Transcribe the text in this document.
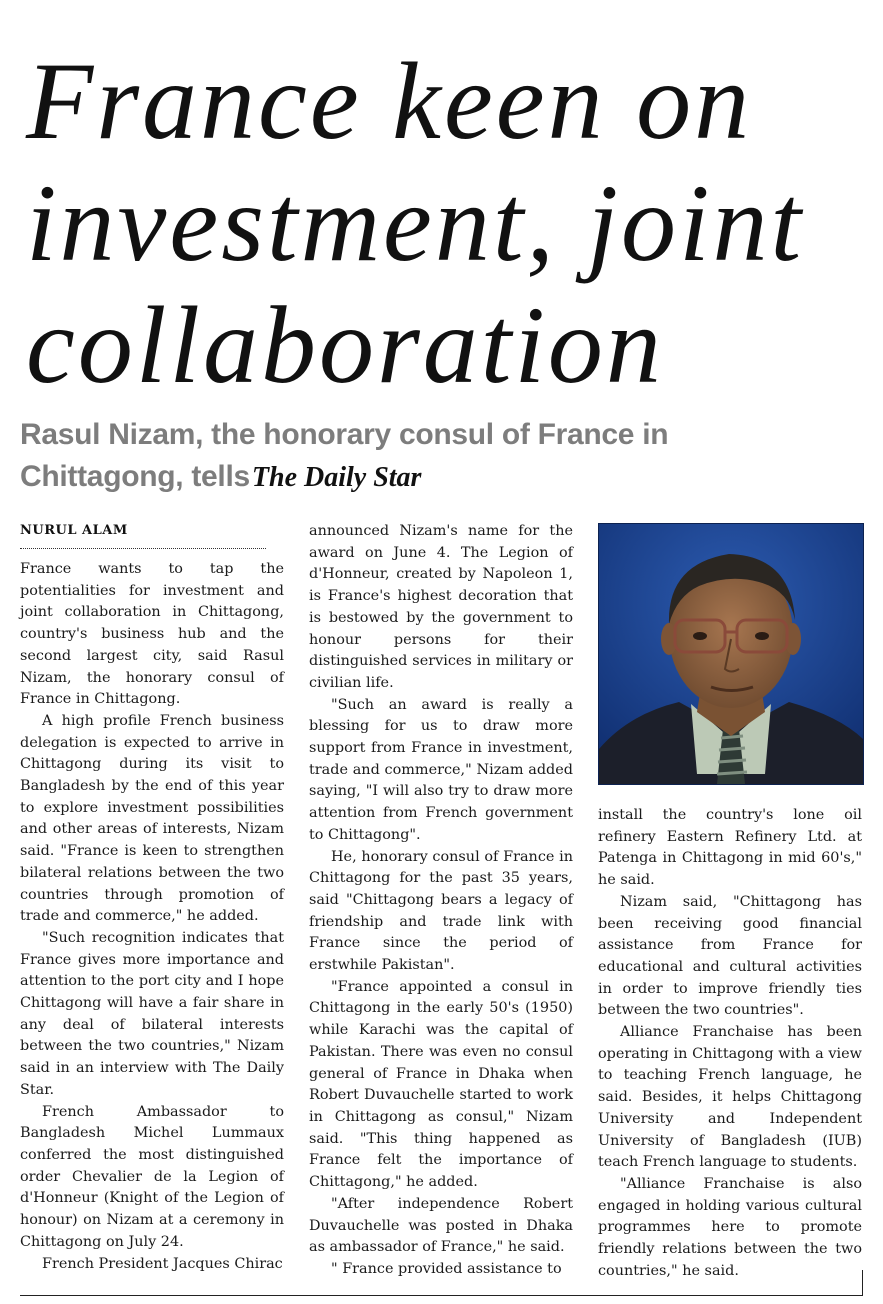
France keen on
investment, joint
collaboration
Rasul Nizam, the honorary consul of France in
Chittagong, tellsThe Daily Star

NURUL ALAM

France wants to tap the potentialities for investment and joint collaboration in Chittagong, country's business hub and the second largest city, said Rasul Nizam, the honorary consul of France in Chittagong.

A high profile French business delegation is expected to arrive in Chittagong during its visit to Bangladesh by the end of this year to explore investment possibilities and other areas of interests, Nizam said. "France is keen to strengthen bilateral relations between the two countries through promotion of trade and commerce," he added.

"Such recognition indicates that France gives more importance and attention to the port city and I hope Chittagong will have a fair share in any deal of bilateral interests between the two countries," Nizam said in an interview with The Daily Star.

French Ambassador to Bangladesh Michel Lummaux conferred the most distinguished order Chevalier de la Legion of d'Honneur (Knight of the Legion of honour) on Nizam at a ceremony in Chittagong on July 24.

French President Jacques Chirac

announced Nizam's name for the award on June 4. The Legion of d'Honneur, created by Napoleon 1, is France's highest decoration that is bestowed by the government to honour persons for their distinguished services in military or civilian life.

"Such an award is really a blessing for us to draw more support from France in investment, trade and commerce," Nizam added saying, "I will also try to draw more attention from French government to Chittagong".

He, honorary consul of France in Chittagong for the past 35 years, said "Chittagong bears a legacy of friendship and trade link with France since the period of erstwhile Pakistan".

"France appointed a consul in Chittagong in the early 50's (1950) while Karachi was the capital of Pakistan. There was even no consul general of France in Dhaka when Robert Duvauchelle started to work in Chittagong as consul," Nizam said. "This thing happened as France felt the importance of Chittagong," he added.

"After independence Robert Duvauchelle was posted in Dhaka as ambassador of France," he said.

" France provided assistance to

install the country's lone oil refinery Eastern Refinery Ltd. at Patenga in Chittagong in mid 60's," he said.

Nizam said, "Chittagong has been receiving good financial assistance from France for educational and cultural activities in order to improve friendly ties between the two countries".

Alliance Franchaise has been operating in Chittagong with a view to teaching French language, he said. Besides, it helps Chittagong University and Independent University of Bangladesh (IUB) teach French language to students.

"Alliance Franchaise is also engaged in holding various cultural programmes here to promote friendly relations between the two countries," he said.
